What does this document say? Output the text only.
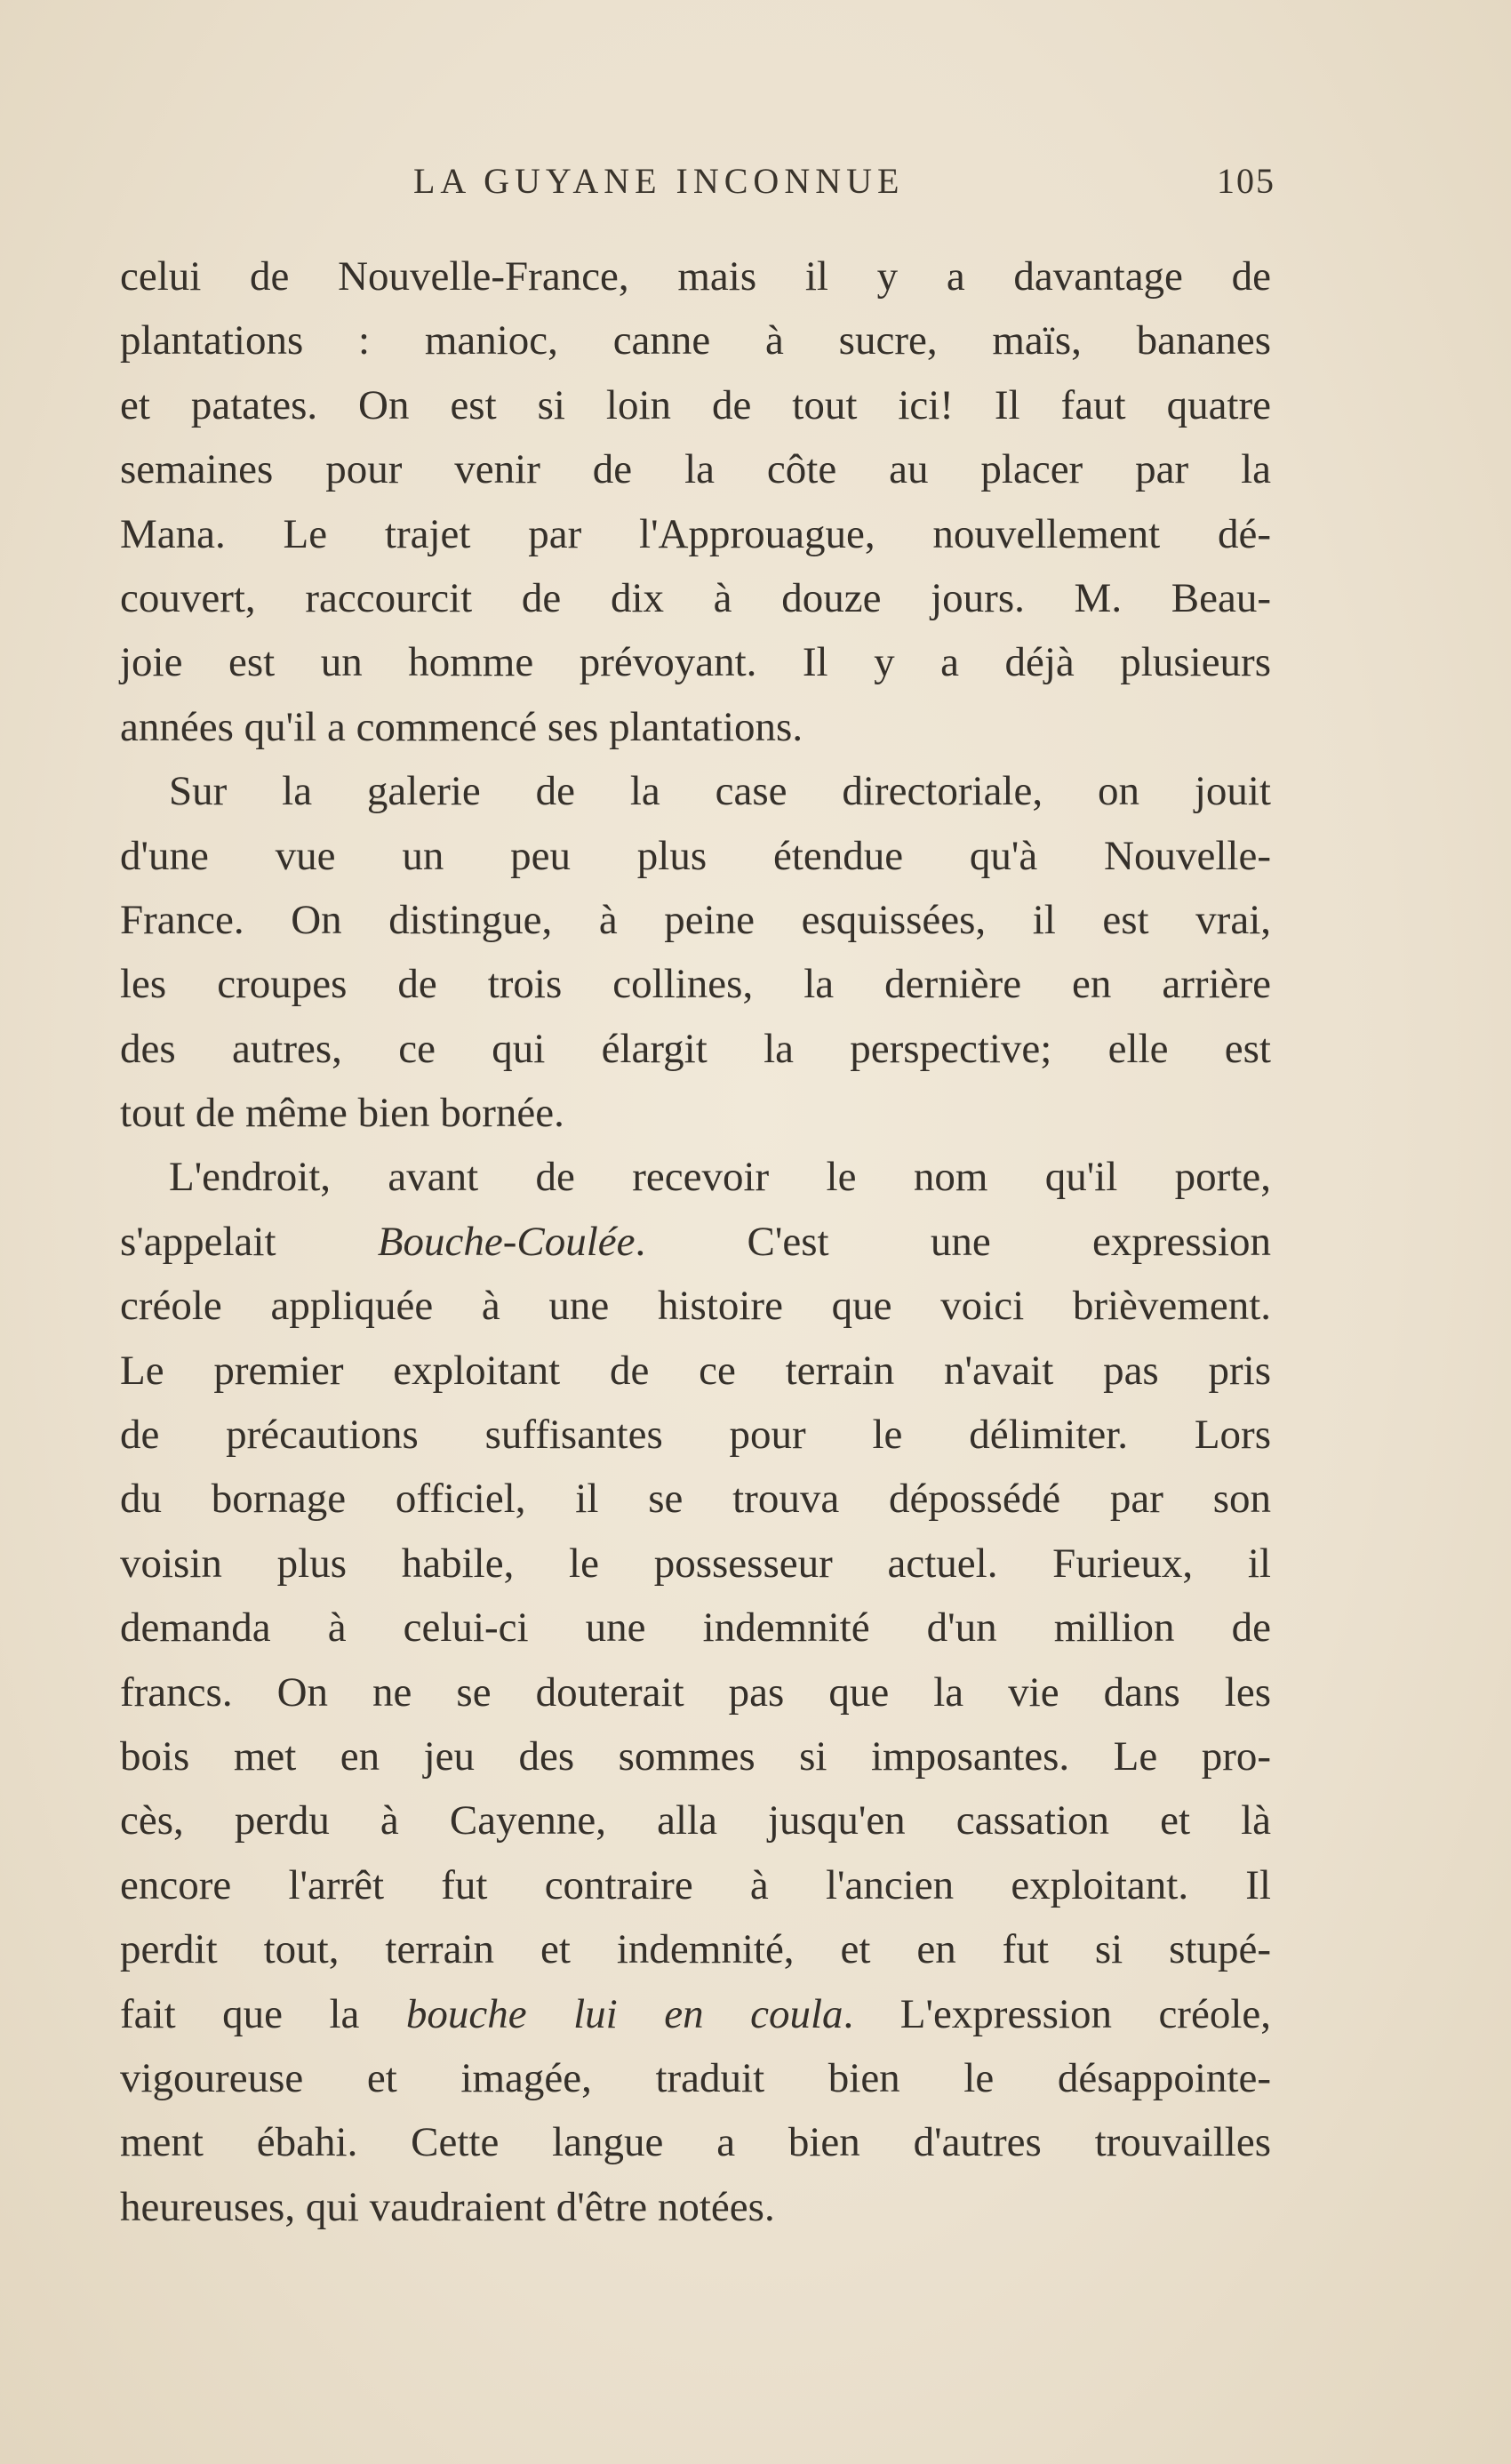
LA GUYANE INCONNUE	105
celui de Nouvelle-France, mais il y a davantage de
plantations : manioc, canne à sucre, maïs, bananes
et patates. On est si loin de tout ici! Il faut quatre
semaines pour venir de la côte au placer par la
Mana. Le trajet par l'Approuague, nouvellement dé-
couvert, raccourcit de dix à douze jours. M. Beau-
joie est un homme prévoyant. Il y a déjà plusieurs
années qu'il a commencé ses plantations.
Sur la galerie de la case directoriale, on jouit
d'une vue un peu plus étendue qu'à Nouvelle-
France. On distingue, à peine esquissées, il est vrai,
les croupes de trois collines, la dernière en arrière
des autres, ce qui élargit la perspective; elle est
tout de même bien bornée.
L'endroit, avant de recevoir le nom qu'il porte,
s'appelait Bouche-Coulée. C'est une expression
créole appliquée à une histoire que voici brièvement.
Le premier exploitant de ce terrain n'avait pas pris
de précautions suffisantes pour le délimiter. Lors
du bornage officiel, il se trouva dépossédé par son
voisin plus habile, le possesseur actuel. Furieux, il
demanda à celui-ci une indemnité d'un million de
francs. On ne se douterait pas que la vie dans les
bois met en jeu des sommes si imposantes. Le pro-
cès, perdu à Cayenne, alla jusqu'en cassation et là
encore l'arrêt fut contraire à l'ancien exploitant. Il
perdit tout, terrain et indemnité, et en fut si stupé-
fait que la bouche lui en coula. L'expression créole,
vigoureuse et imagée, traduit bien le désappointe-
ment ébahi. Cette langue a bien d'autres trouvailles
heureuses, qui vaudraient d'être notées.
